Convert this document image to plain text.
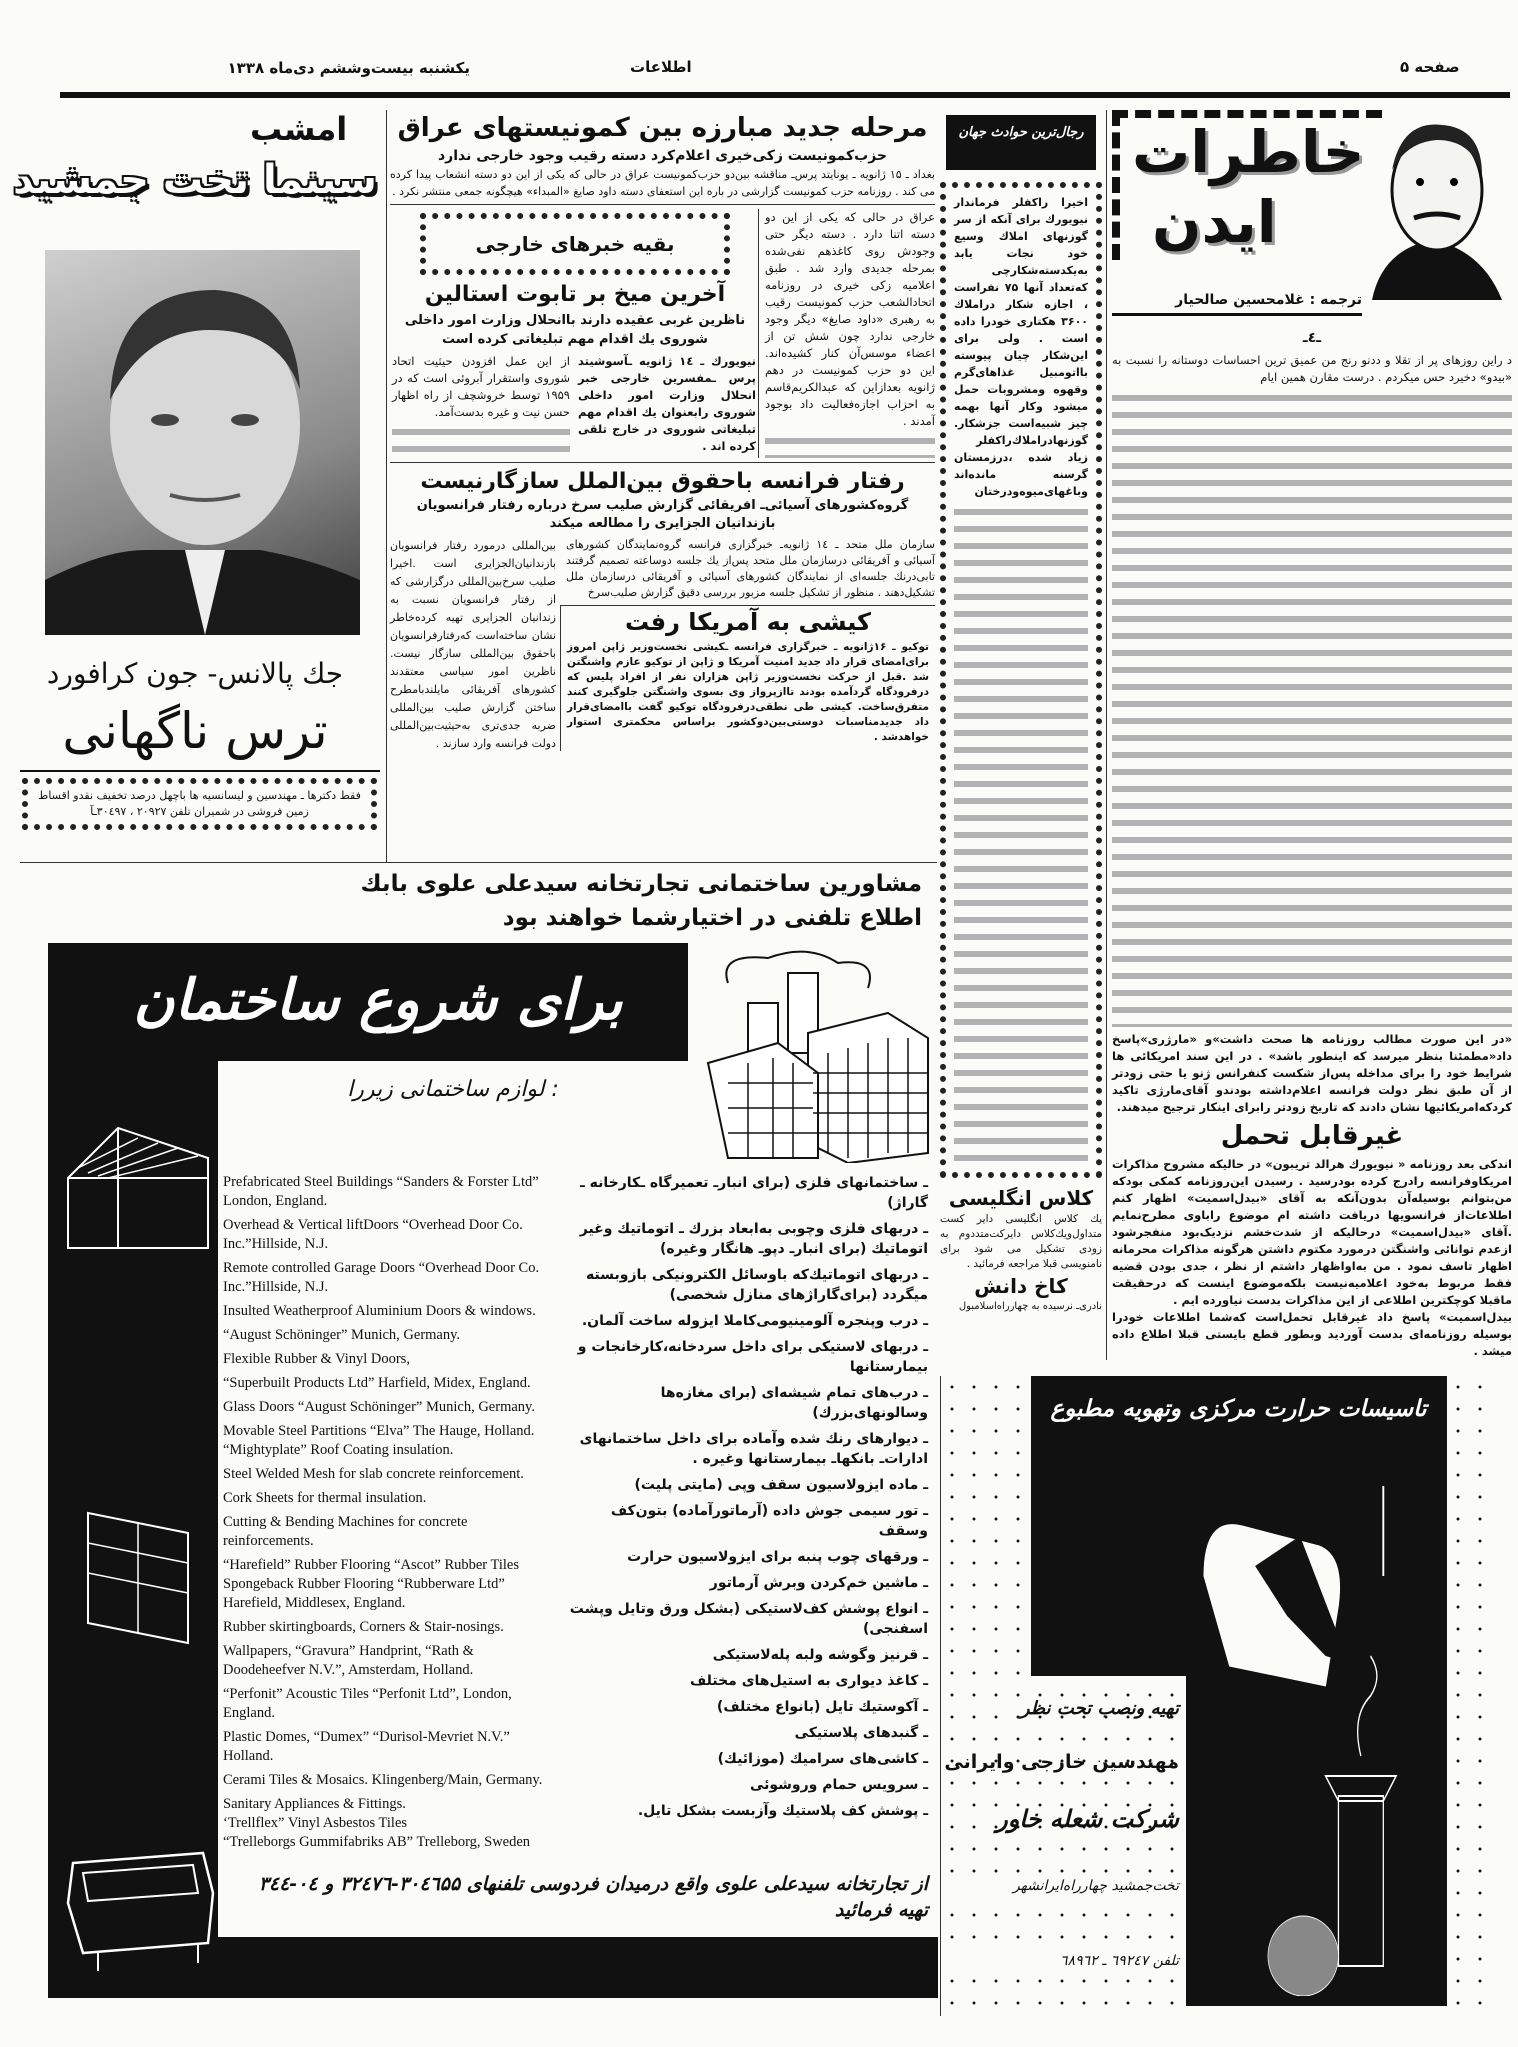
صفحه ۵
اطلاعات
یکشنبه بیست‌وششم دی‌ماه ۱۳۳۸
خاطرات
ایدن
ترجمه : غلامحسین صالحیار
ـ٤ـ
د راین روزهای پر از تقلا و ددنو رنج من عمیق ترین احساسات دوستانه را نسبت به «بیدو» دخیرد حس میکردم . درست مقارن همین ایام
«در این صورت مطالب روزنامه ها صحت داشت»و «مارژری»پاسخ داد«مطمئنا بنظر میرسد که اینطور باشد» . در این سند امریکائی ها شرایط خود را برای مداخله پس‌از شکست کنفرانس ژنو یا حتی زودتر از آن طبق نظر دولت فرانسه اعلام‌داشته بودندو آقای‌مارژی تاکید کردکه‌امریکائیها نشان دادند که تاریخ زودتر رابرای اینکار ترجیح میدهند.
غیرقابل تحمل
اندکی بعد روزنامه « نیویورك هرالد تریبون» در حالیکه مشروح مذاکرات امریکاوفرانسه رادرج کرده بودرسید . رسیدن این‌روزنامه کمکی بودکه من‌بتوانم بوسیله‌آن بدون‌آنکه به آقای «بیدل‌اسمیت» اظهار کنم اطلاعات‌از فرانسویها دریافت داشته ام موضوع راباوی مطرح‌نمایم .آقای «بیدل‌اسمیت» درحالیکه از شدت‌خشم نزدیک‌بود منفجرشود ازعدم توانائی واشنگتن درمورد مکتوم داشتن هرگونه مذاکرات محرمانه اظهار تاسف نمود . من به‌اواظهار داشتم از نظر ، جدی بودن قضیه فقط مربوط به‌خود اعلامیه‌نیست بلکه‌موضوع اینست که درحقیقت ماقبلا کوچکترین اطلاعی از این مذاکرات بدست نیاورده ایم .
بیدل‌اسمیت» پاسخ داد غیرقابل تحمل‌است که‌شما اطلاعات خودرا بوسیله روزنامه‌ای بدست آوردید وبطور قطع بایستی قبلا اطلاع داده میشد .
رجال‌ترین حوادث جهان
اخیرا راکفلر فرماندار نیویورك برای آنکه از سر گوزنهای املاك وسیع خود نجات یابد به‌یکدسته‌شکارچی که‌تعداد آنها ۷۵ نفراست ، اجازه شکار دراملاك ۳۶۰۰ هکتاری خودرا داده است . ولی برای این‌شکار چیان پیوسته بااتومبیل غذاهای‌گرم وقهوه ومشروبات حمل میشود وکار آنها بهمه چیز شبیه‌است جزشکار. گوزنهادراملاك‌راکفلر زیاد شده ،درزمستان گرسنه مانده‌اند وباغهای‌میوه‌ودرختان
کلاس انگلیسی
یك کلاس انگلیسی دایر کست متداول‌ویك‌کلاس دایرکت‌متددوم به زودی تشکیل می شود برای نامنویسی قبلا مراجعه فرمائید .
کاخ دانش
نادری‌ـ نرسیده به چهارراه‌اسلامبول
امشب
سینما تخت جمشید
جك پالانس- جون کرافورد
ترس ناگهانی
فقط دکترها ـ مهندسین و لیسانسیه ها باچهل درصد تخفیف نقدو اقساط زمین فروشی در شمیران تلفن ۲۰۹۲۷ ، ۳۰٤۹۷ـآ
مرحله جدید مبارزه بین کمونیستهای عراق
حزب‌کمونیست زکی‌خیری اعلام‌کرد دسته رقیب وجود خارجی ندارد
بغداد ـ ۱۵ ژانویه ـ یونایتد پرس‌ـ مناقشه بین‌دو حزب‌کمونیست عراق در حالی که یکی از این دو دسته انشعاب پیدا کرده می کند . روزنامه حزب کمونیست گزارشی در باره این استعفای دسته داود صایغ «المبداء» هیچگونه جمعی منتشر نکرد .
بقیه خبرهای خارجی
آخرین میخ بر تابوت استالین
ناظرین غربی عقیده دارند باانحلال وزارت امور داخلی شوروی یك اقدام مهم تبلیغاتی کرده است
از این عمل افزودن حیثیت اتحاد شوروی واستقرار آبروئی است که در ۱۹۵۹ توسط خروشچف از راه اظهار حسن نیت و غیره بدست‌آمد.
نیویورك ـ ١٤ ژانویه ـآسوشیتد پرس ـمفسرین خارجی خبر انحلال وزارت امور داخلی شوروی رابعنوان یك اقدام مهم تبلیغاتی شوروی در خارج تلقی کرده اند .
عراق در حالی که یکی از این دو دسته اتنا دارد . دسته دیگر حتی وجودش روی کاغذهم نفی‌شده بمرحله جدیدی وارد شد . طبق اعلامیه زکی خیری در روزنامه اتحادالشعب حزب کمونیست رقیب به رهبری «داود صایغ» دیگر وجود خارجی ندارد چون شش تن از اعضاء موسس‌آن کنار کشیده‌اند. این دو حزب کمونیست در دهم ژانویه بعدازاین که عبدالکریم‌قاسم به احزاب اجازه‌فعالیت داد بوجود آمدند .
رفتار فرانسه باحقوق بین‌الملل سازگارنیست
گروه‌کشورهای آسیائی‌ـ افریقائی گزارش صلیب سرخ درباره رفتار فرانسویان بازندانیان الجزایری را مطالعه میکند
بین‌المللی درمورد رفتار فرانسویان بازندانیان‌الجزایری است .اخیرا صلیب سرخ‌بین‌المللی درگزارشی که از رفتار فرانسویان نسبت به زندانیان الجزایری تهیه کرده‌خاطر نشان ساخته‌است که‌رفتارفرانسویان باحقوق بین‌المللی سازگار نیست. ناظرین امور سیاسی معتقدند کشورهای آفریقائی مایلندبامطرح ساختن گزارش صلیب بین‌المللی ضربه جدی‌تری به‌حیثیت‌بین‌المللی دولت فرانسه وارد سازند .
سازمان ملل متحد ـ ١٤ ژانویه‌ـ خبرگزاری فرانسه گروه‌نمایندگان کشورهای آسیائی و آفریقائی درسازمان ملل متحد پس‌از یك جلسه دوساعته تصمیم گرفتند تابی‌درنك جلسه‌ای از نمایندگان کشورهای آسیائی و آفریقائی درسازمان ملل تشکیل‌دهند . منظور از تشکیل جلسه مزبور بررسی دقیق گزارش صلیب‌سرخ
کیشی به آمریکا رفت
توکیو ـ ۱۶ژانویه ـ خبرگزاری فرانسه ـکیشی نخست‌وزیر ژاپن امروز برای‌امضای قرار داد جدید امنیت آمریکا و ژاپن از توکیو عازم واشنگتن شد .قبل از حرکت نخست‌وزیر ژاپن هزاران نفر از افراد پلیس که درفرودگاه گردآمده بودند تاازپرواز وی بسوی واشنگتن جلوگیری کنند متفرق‌ساخت. کیشی طی نطقی‌درفرودگاه توکیو گفت باامضای‌قرار داد جدیدمناسبات دوستی‌بین‌دوکشور براساس محکمتری استوار خواهدشد .
مشاورین ساختمانی تجارتخانه سیدعلی علوی بابك
اطلاع تلفنی در اختیارشما خواهند بود
برای شروع ساختمان
لوازم ساختمانی زیررا :
Prefabricated Steel Buildings “Sanders & Forster Ltd” London, England.
Overhead & Vertical liftDoors “Overhead Door Co. Inc.”Hillside, N.J.
Remote controlled Garage Doors “Overhead Door Co. Inc.”Hillside, N.J.
Insulted Weatherproof Aluminium Doors & windows.
“August Schöninger” Munich, Germany.
Flexible Rubber & Vinyl Doors,
“Superbuilt Products Ltd” Harfield, Midex, England.
Glass Doors “August Schöninger” Munich, Germany.
Movable Steel Partitions “Elva” The Hauge, Holland. “Mightyplate” Roof Coating insulation.
Steel Welded Mesh for slab concrete reinforcement.
Cork Sheets for thermal insulation.
Cutting & Bending Machines for concrete reinforcements.
“Harefield” Rubber Flooring “Ascot” Rubber Tiles Spongeback Rubber Flooring “Rubberware Ltd” Harefield, Middlesex, England.
Rubber skirtingboards, Corners & Stair-nosings.
Wallpapers, “Gravura” Handprint, “Rath & Doodeheefver N.V.”, Amsterdam, Holland.
“Perfonit” Acoustic Tiles “Perfonit Ltd”, London, England.
Plastic Domes, “Dumex” “Durisol-Mevriet N.V.” Holland.
Cerami Tiles & Mosaics. Klingenberg/Main, Germany.
Sanitary Appliances & Fittings.
‘Trellflex” Vinyl Asbestos Tiles
“Trelleborgs Gummifabriks AB” Trelleborg, Sweden
ـ ساختمانهای فلزی (برای انبارـ تعمیرگاه ـکارخانه ـ گاراژ)
ـ دربهای فلزی وچوبی به‌ابعاد بزرك ـ اتوماتیك وغیر اتوماتیك (برای انبارـ دپوـ هانگار وغیره)
ـ دربهای اتوماتیك‌که باوسائل الکترونیکی بازوبسته میگردد (برای‌گاراژهای منازل شخصی)
ـ درب وپنجره آلومینیومی‌کاملا ایزوله ساخت آلمان.
ـ دربهای لاستیکی برای داخل سردخانه،کارخانجات و بیمارستانها
ـ درب‌های تمام شیشه‌ای (برای مغازه‌ها وسالونهای‌بزرك)
ـ دیوارهای رنك شده وآماده برای داخل ساختمانهای ادارات‌ـ بانکهاـ بیمارستانها وغیره .
ـ ماده ایزولاسیون سقف وپی (مایتی پلیت)
ـ تور سیمی جوش داده (آرماتورآماده) بتون‌کف وسقف
ـ ورقهای چوب پنبه برای ایزولاسیون حرارت
ـ ماشین خم‌کردن وبرش آرماتور
ـ انواع پوشش کف‌لاستیکی (بشکل ورق وتایل وپشت اسفنجی)
ـ قرنیز وگوشه ولبه پله‌لاستیکی
ـ کاغذ دیواری به استیل‌های مختلف
ـ آکوستیك تایل (بانواع مختلف)
ـ گنبدهای پلاستیکی
ـ کاشی‌های سرامیك (موزائیك)
ـ سرویس حمام وروشوئی
ـ پوشش کف پلاستیك وآزبست بشکل تایل.
از تجارتخانه سیدعلی علوی واقع درمیدان فردوسی تلفنهای ۳۰٤٦۵۵-۳۲٤۷٦ و ۰٤-۳٤٤ تهیه فرمائید
تاسیسات حرارت مرکزی وتهویه مطبوع
تهیه ونصب تحت نظر
مهندسین خارجی وایرانی
شرکت شعله خاور
تخت‌جمشید چهارراه‌ایرانشهر
تلفن ٦۹۲٤۷ ـ ٦۸۹٦۲
